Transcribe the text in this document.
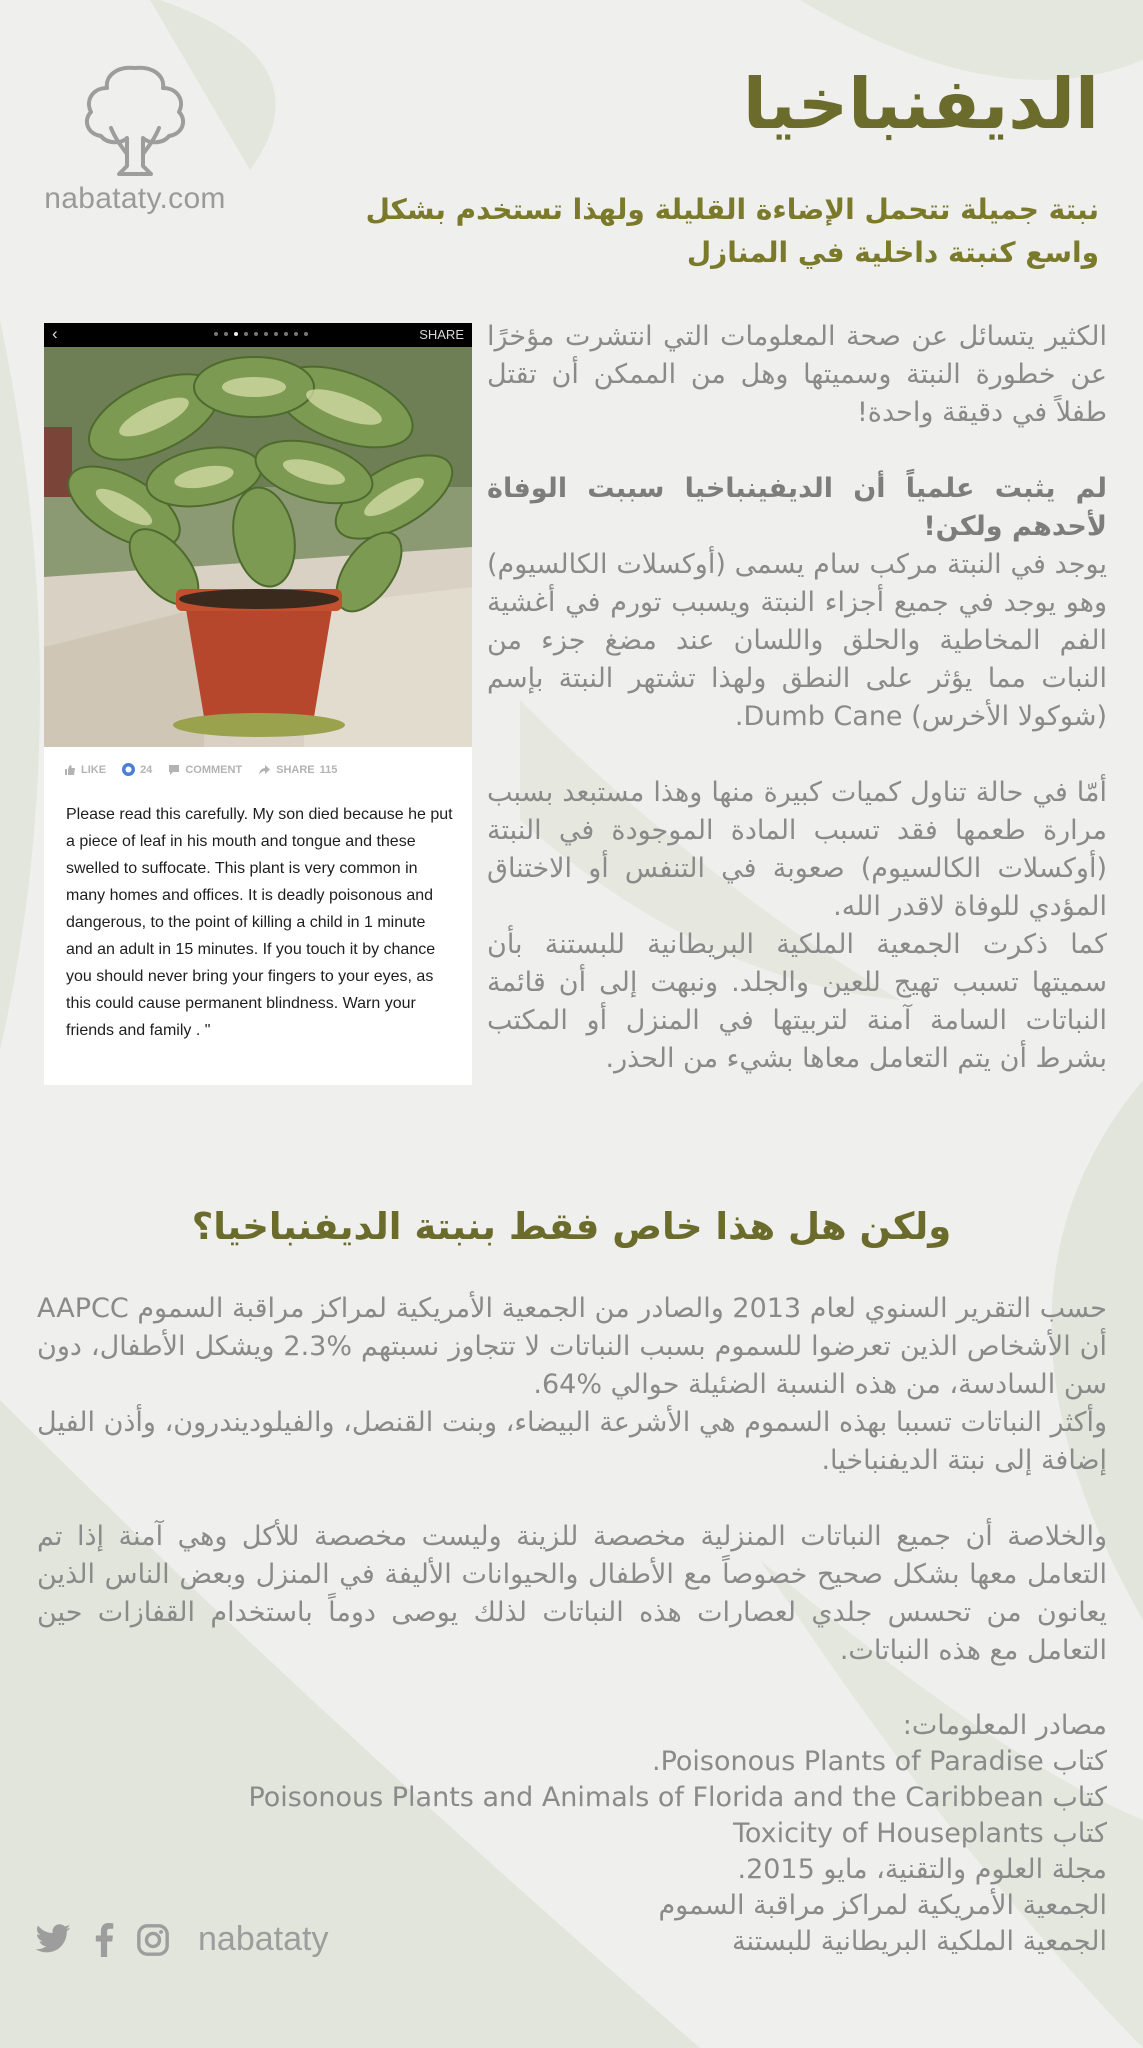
nabataty.com
الديفنباخيا
نبتة جميلة تتحمل الإضاءة القليلة ولهذا تستخدم بشكل واسع كنبتة داخلية في المنازل
‹	SHARE
LIKE	24	COMMENT	SHARE 115
Please read this carefully. My son died because he put a piece of leaf in his mouth and tongue and these swelled to suffocate. This plant is very common in many homes and offices. It is deadly poisonous and dangerous, to the point of killing a child in 1 minute and an adult in 15 minutes. If you touch it by chance you should never bring your fingers to your eyes, as this could cause permanent blindness. Warn your friends and family . "

الكثير يتسائل عن صحة المعلومات التي انتشرت مؤخرًا عن خطورة النبتة وسميتها وهل من الممكن أن تقتل طفلاً في دقيقة واحدة!

لم يثبت علمياً أن الديفينباخيا سببت الوفاة لأحدهم ولكن!

يوجد في النبتة مركب سام يسمى (أوكسلات الكالسيوم) وهو يوجد في جميع أجزاء النبتة ويسبب تورم في أغشية الفم المخاطية والحلق واللسان عند مضغ جزء من النبات مما يؤثر على النطق ولهذا تشتهر النبتة بإسم (شوكولا الأخرس) Dumb Cane.

أمّا في حالة تناول كميات كبيرة منها وهذا مستبعد بسبب مرارة طعمها فقد تسبب المادة الموجودة في النبتة (أوكسلات الكالسيوم) صعوبة في التنفس أو الاختناق المؤدي للوفاة لاقدر الله.

كما ذكرت الجمعية الملكية البريطانية للبستنة بأن سميتها تسبب تهيج للعين والجلد. ونبهت إلى أن قائمة النباتات السامة آمنة لتربيتها في المنزل أو المكتب بشرط أن يتم التعامل معاها بشيء من الحذر.

ولكن هل هذا خاص فقط بنبتة الديفنباخيا؟

حسب التقرير السنوي لعام 2013 والصادر من الجمعية الأمريكية لمراكز مراقبة السموم AAPCC أن الأشخاص الذين تعرضوا للسموم بسبب النباتات لا تتجاوز نسبتهم 2.3% ويشكل الأطفال، دون سن السادسة، من هذه النسبة الضئيلة حوالي 64%.

وأكثر النباتات تسببا بهذه السموم هي الأشرعة البيضاء، وبنت القنصل، والفيلوديندرون، وأذن الفيل إضافة إلى نبتة الديفنباخيا.

والخلاصة أن جميع النباتات المنزلية مخصصة للزينة وليست مخصصة للأكل وهي آمنة إذا تم التعامل معها بشكل صحيح خصوصاً مع الأطفال والحيوانات الأليفة في المنزل وبعض الناس الذين يعانون من تحسس جلدي لعصارات هذه النباتات لذلك يوصى دوماً باستخدام القفازات حين التعامل مع هذه النباتات.

مصادر المعلومات:
كتاب Poisonous Plants of Paradise.
كتاب Poisonous Plants and Animals of Florida and the Caribbean
كتاب Toxicity of Houseplants
مجلة العلوم والتقنية، مايو 2015.
الجمعية الأمريكية لمراكز مراقبة السموم
الجمعية الملكية البريطانية للبستنة
nabataty
